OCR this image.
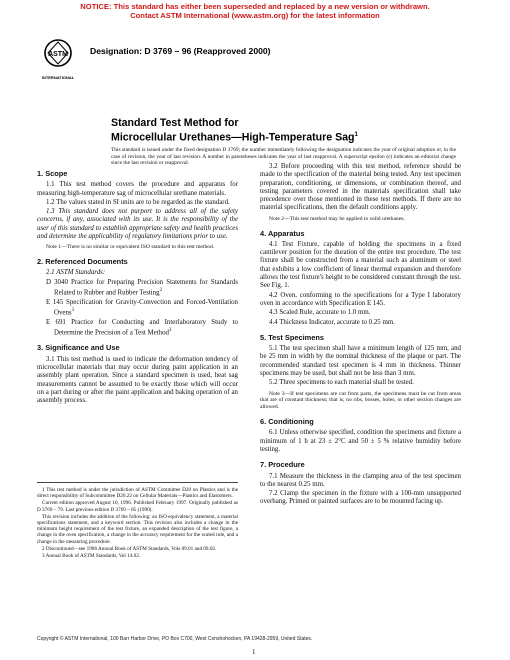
NOTICE: This standard has either been superseded and replaced by a new version or withdrawn.
Contact ASTM International (www.astm.org) for the latest information
ASTM
INTERNATIONAL
Designation: D 3769 – 96 (Reapproved 2000)
Standard Test Method for
Microcellular Urethanes—High-Temperature Sag$^1$
This standard is issued under the fixed designation D 3769; the number immediately following the designation indicates the year of original adoption or, in the case of revision, the year of last revision. A number in parentheses indicates the year of last reapproval. A superscript epsilon (ε) indicates an editorial change since the last revision or reapproval.
1. Scope

1.1 This test method covers the procedure and apparatus for measuring high-temperature sag of microcellular urethane materials.

1.2 The values stated in SI units are to be regarded as the standard.

1.3 This standard does not purport to address all of the safety concerns, if any, associated with its use. It is the responsibility of the user of this standard to establish appropriate safety and health practices and determine the applicability of regulatory limitations prior to use.

Note 1—There is no similar or equivalent ISO standard to this test method.

2. Referenced Documents

2.1 ASTM Standards:

D 3040 Practice for Preparing Precision Statements for Standards Related to Rubber and Rubber Testing$^2$

E 145 Specification for Gravity-Convection and Forced-Ventilation Ovens$^3$

E 691 Practice for Conducting and Interlaboratory Study to Determine the Precision of a Test Method$^3$

3. Significance and Use

3.1 This test method is used to indicate the deformation tendency of microcellular materials that may occur during paint application in an assembly plant operation. Since a standard specimen is used, heat sag measurements cannot be assumed to be exactly those which will occur on a part during or after the paint application and baking operation of an assembly process.

1 This test method is under the jurisdiction of ASTM Committee D20 on Plastics and is the direct responsibility of Subcommittee D20.22 on Cellular Materials—Plastics and Elastomers.

Current edition approved August 10, 1996. Published February 1997. Originally published as D 3769 – 79. Last previous edition D 3769 – 85 (1990).

This revision includes the addition of the following: an ISO equivalency statement, a material specifications statement, and a keyword section. This revision also includes a change in the minimum height requirement of the test fixture, an expanded description of the test figure, a change in the oven specification, a change in the accuracy requirement for the scaled rule, and a change in the measuring procedure.

2 Discontinued—see 1986 Annual Book of ASTM Standards, Vols 09.01 and 09.02.

3 Annual Book of ASTM Standards, Vol 14.02.

3.2 Before proceeding with this test method, reference should be made to the specification of the material being tested. Any test specimen preparation, conditioning, or dimensions, or combination thereof, and testing parameters covered in the materials specification shall take precedence over those mentioned in these test methods. If there are no material specifications, then the default conditions apply.

Note 2—This test method may be applied to solid urethanes.

4. Apparatus

4.1 Test Fixture, capable of holding the specimens in a fixed cantilever position for the duration of the entire test procedure. The test fixture shall be constructed from a material such as aluminum or steel that exhibits a low coefficient of linear thermal expansion and therefore allows the test fixture's height to be considered constant through the test. See Fig. 1.

4.2 Oven, conforming to the specifications for a Type I laboratory oven in accordance with Specification E 145.

4.3 Scaled Rule, accurate to 1.0 mm.

4.4 Thickness Indicator, accurate to 0.25 mm.

5. Test Specimens

5.1 The test specimen shall have a minimum length of 125 mm, and be 25 mm in width by the nominal thickness of the plaque or part. The recommended standard test specimen is 4 mm in thickness. Thinner specimens may be used, but shall not be less than 3 mm.

5.2 Three specimens to each material shall be tested.

Note 3—If test specimens are cut from parts, the specimens must be cut from areas that are of constant thickness; that is, no ribs, bosses, holes, or other section changes are allowed.

6. Conditioning

6.1 Unless otherwise specified, condition the specimens and fixture a minimum of 1 h at 23 ± 2°C and 50 ± 5 % relative humidity before testing.

7. Procedure

7.1 Measure the thickness in the clamping area of the test specimen to the nearest 0.25 mm.

7.2 Clamp the specimen in the fixture with a 100-mm unsupported overhang. Primed or painted surfaces are to be mounted facing up.

Copyright © ASTM International, 100 Barr Harbor Drive, PO Box C700, West Conshohocken, PA 19428-2959, United States.
1
